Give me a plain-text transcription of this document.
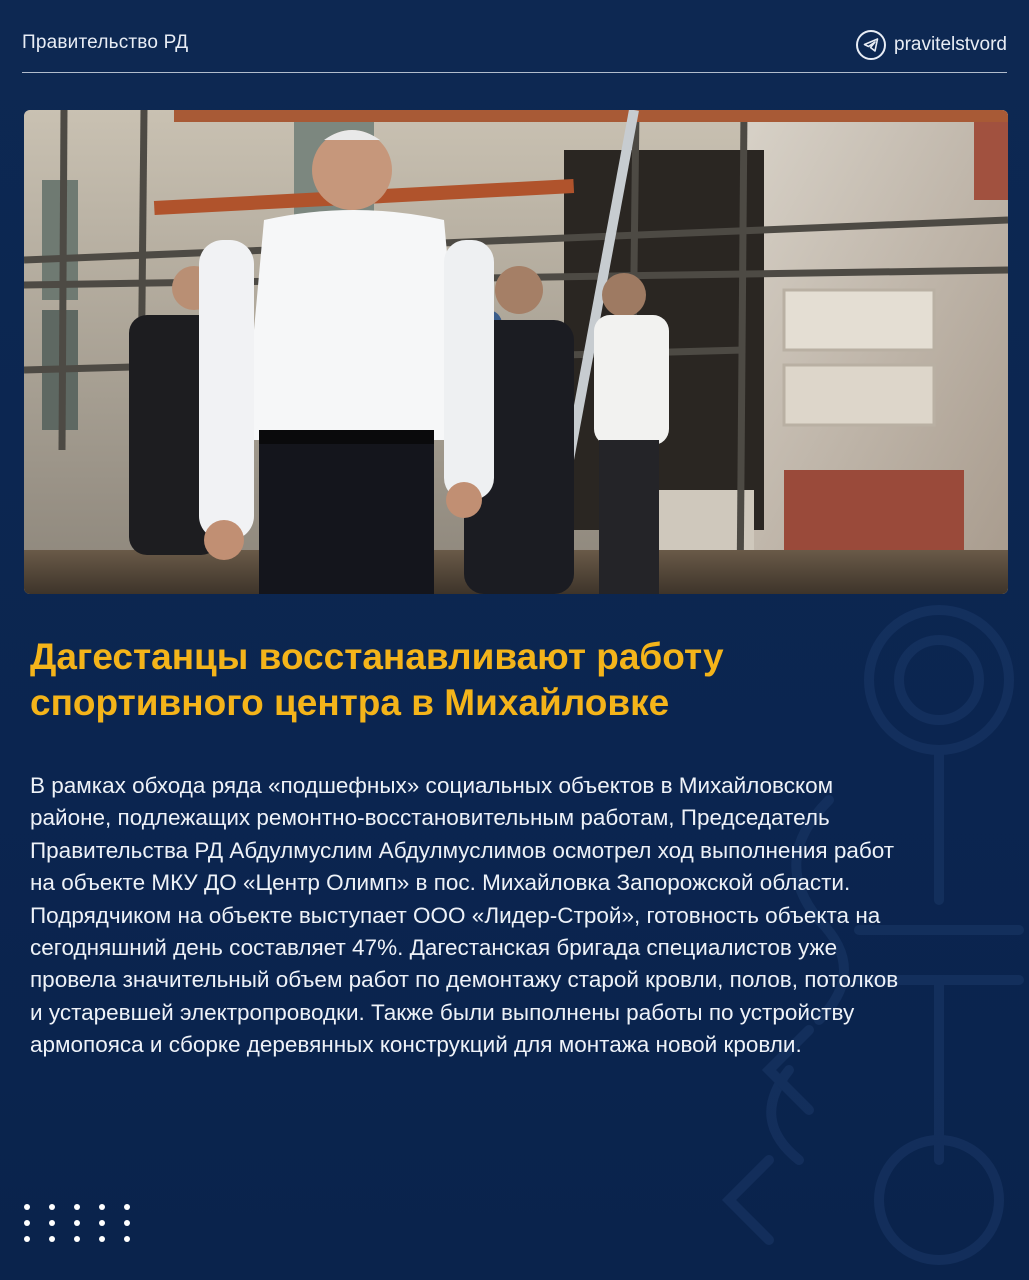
Правительство РД	pravitelstvord
Дагестанцы восстанавливают работу
спортивного центра в Михайловке

В рамках обхода ряда «подшефных» социальных объектов в Михайловском
районе, подлежащих ремонтно-восстановительным работам, Председатель
Правительства РД Абдулмуслим Абдулмуслимов осмотрел ход выполнения работ
на объекте МКУ ДО «Центр Олимп» в пос. Михайловка Запорожской области.
Подрядчиком на объекте выступает ООО «Лидер-Строй», готовность объекта на
сегодняшний день составляет 47%. Дагестанская бригада специалистов уже
провела значительный объем работ по демонтажу старой кровли, полов, потолков
и устаревшей электропроводки. Также были выполнены работы по устройству
армопояса и сборке деревянных конструкций для монтажа новой кровли.
